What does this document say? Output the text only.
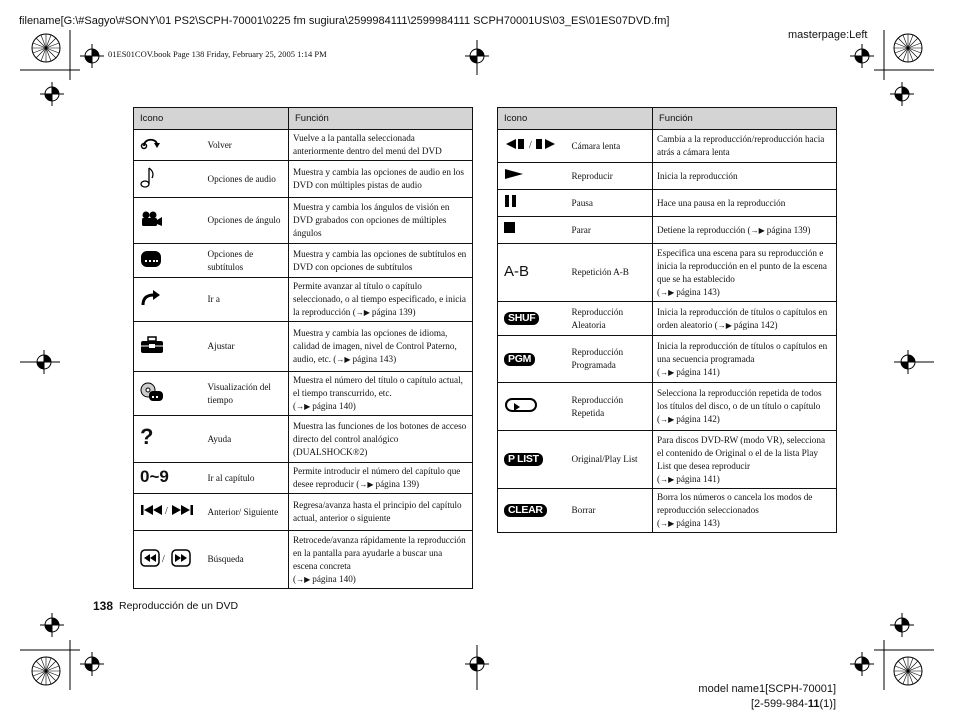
filename[G:\#Sagyo\#SONY\01 PS2\SCPH-70001\0225 fm sugiura\2599984111\2599984111 SCPH70001US\03_ES\01ES07DVD.fm]
masterpage:Left
01ES01COV.book Page 138 Friday, February 25, 2005 1:14 PM
Icono		Función
	Volver	Vuelve a la pantalla seleccionada anteriormente dentro del menú del DVD
	Opciones de audio	Muestra y cambia las opciones de audio en los DVD con múltiples pistas de audio
	Opciones de ángulo	Muestra y cambia los ángulos de visión en DVD grabados con opciones de múltiples ángulos
	Opciones de subtítulos	Muestra y cambia las opciones de subtítulos en DVD con opciones de subtítulos
	Ir a	Permite avanzar al título o capítulo seleccionado, o al tiempo especificado, e inicia la reproducción (→▶ página 139)
	Ajustar	Muestra y cambia las opciones de idioma, calidad de imagen, nivel de Control Paterno, audio, etc. (→▶ página 143)
	Visualización del tiempo	Muestra el número del título o capítulo actual, el tiempo transcurrido, etc.
(→▶ página 140)
?	Ayuda	Muestra las funciones de los botones de acceso directo del control analógico (DUALSHOCK®2)
0~9	Ir al capítulo	Permite introducir el número del capítulo que desee reproducir (→▶ página 139)

/	Anterior/ Siguiente	Regresa/avanza hasta el principio del capítulo actual, anterior o siguiente

/	Búsqueda	Retrocede/avanza rápidamente la reproducción en la pantalla para ayudarle a buscar una escena concreta
(→▶ página 140)
Icono		Función

/	Cámara lenta	Cambia a la reproducción/reproducción hacia atrás a cámara lenta
	Reproducir	Inicia la reproducción
	Pausa	Hace una pausa en la reproducción
	Parar	Detiene la reproducción (→▶ página 139)
A-B	Repetición A-B	Especifica una escena para su reproducción e inicia la reproducción en el punto de la escena que se ha establecido
(→▶ página 143)
SHUF	Reproducción Aleatoria	Inicia la reproducción de títulos o capítulos en orden aleatorio (→▶ página 142)
PGM	Reproducción Programada	Inicia la reproducción de títulos o capítulos en una secuencia programada
(→▶ página 141)
	Reproducción Repetida	Selecciona la reproducción repetida de todos los títulos del disco, o de un título o capítulo (→▶ página 142)
P LIST	Original/Play List	Para discos DVD-RW (modo VR), selecciona el contenido de Original o el de la lista Play List que desea reproducir
(→▶ página 141)
CLEAR	Borrar	Borra los números o cancela los modos de reproducción seleccionados
(→▶ página 143)
138 Reproducción de un DVD
model name1[SCPH-70001]
[2-599-984-11(1)]
